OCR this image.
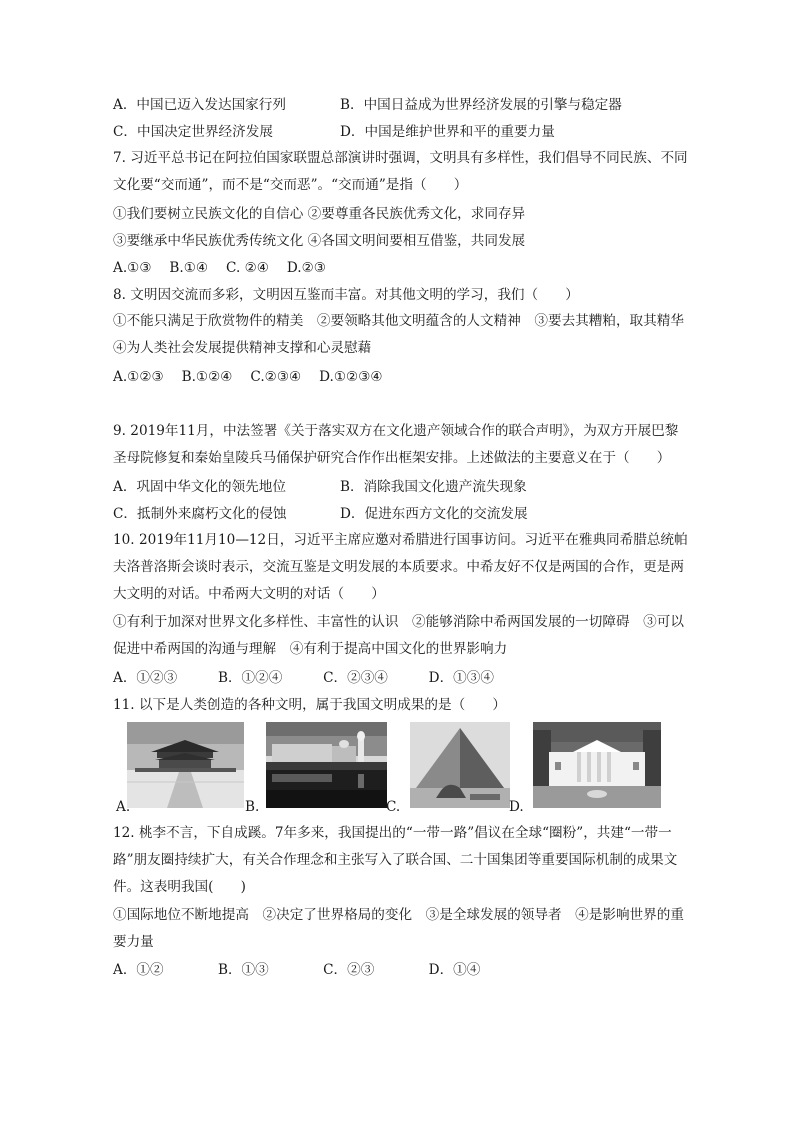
A．中国已迈入发达国家行列	B．中国日益成为世界经济发展的引擎与稳定器
C．中国决定世界经济发展	D．中国是维护世界和平的重要力量
7. 习近平总书记在阿拉伯国家联盟总部演讲时强调，文明具有多样性，我们倡导不同民族、不同文化要“交而通”，而不是“交而恶”。“交而通”是指（　　）
①我们要树立民族文化的自信心 ②要尊重各民族优秀文化，求同存异
③要继承中华民族优秀传统文化 ④各国文明间要相互借鉴，共同发展
A.①③　 B.①④　 C. ②④　 D.②③
8. 文明因交流而多彩，文明因互鉴而丰富。对其他文明的学习，我们（　　）
①不能只满足于欣赏物件的精美　②要领略其他文明蕴含的人文精神　③要去其糟粕，取其精华　④为人类社会发展提供精神支撑和心灵慰藉
A.①②③　 B.①②④　 C.②③④　 D.①②③④
9. 2019年11月，中法签署《关于落实双方在文化遗产领域合作的联合声明》，为双方开展巴黎圣母院修复和秦始皇陵兵马俑保护研究合作作出框架安排。上述做法的主要意义在于（　　）
A．巩固中华文化的领先地位	B．消除我国文化遗产流失现象
C．抵制外来腐朽文化的侵蚀	D．促进东西方文化的交流发展
10. 2019年11月10—12日，习近平主席应邀对希腊进行国事访问。习近平在雅典同希腊总统帕夫洛普洛斯会谈时表示，交流互鉴是文明发展的本质要求。中希友好不仅是两国的合作，更是两大文明的对话。中希两大文明的对话（　　）
①有利于加深对世界文化多样性、丰富性的认识　②能够消除中希两国发展的一切障碍　③可以促进中希两国的沟通与理解　④有利于提高中国文化的世界影响力
A．①②③　　　B．①②④　　　C．②③④　　　D．①③④
11. 以下是人类创造的各种文明，属于我国文明成果的是（　　）
A.	B.	C.	D.
12. 桃李不言，下自成蹊。7年多来，我国提出的“一带一路”倡议在全球“圈粉”，共建“一带一路”朋友圈持续扩大，有关合作理念和主张写入了联合国、二十国集团等重要国际机制的成果文件。这表明我国(　　)
①国际地位不断地提高　②决定了世界格局的变化　③是全球发展的领导者　④是影响世界的重要力量
A．①②　　　　B．①③　　　　C．②③　　　　D．①④
